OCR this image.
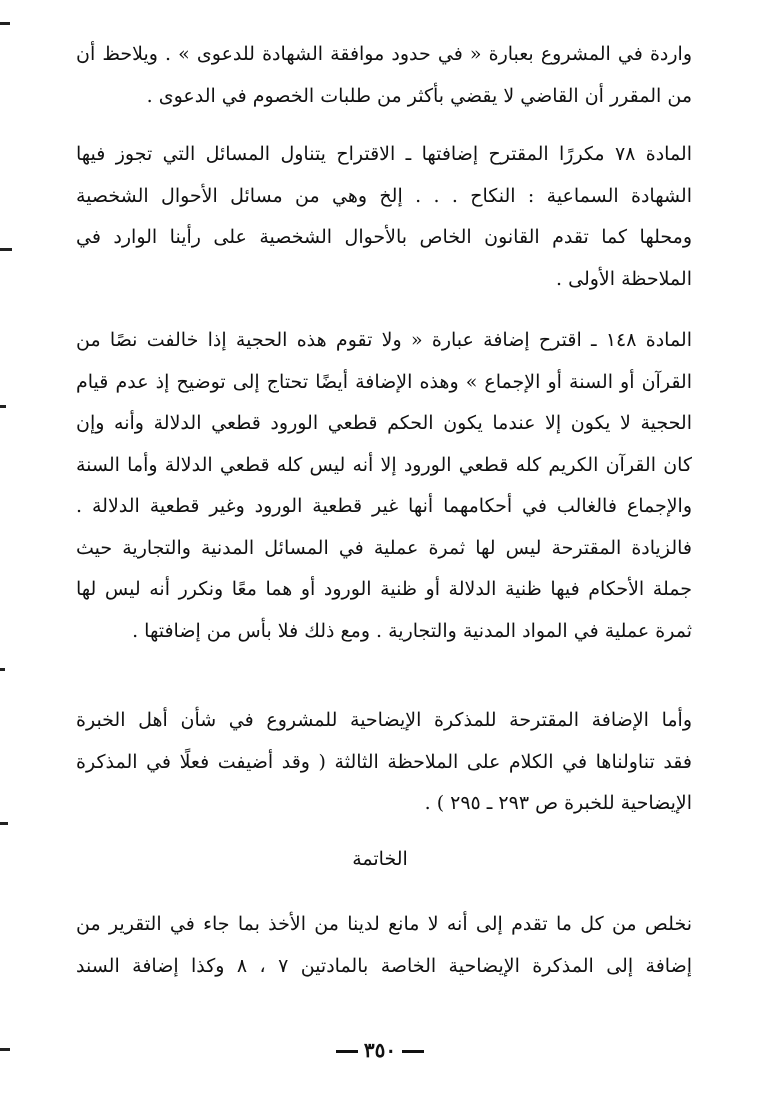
واردة في المشروع بعبارة « في حدود موافقة الشهادة للدعوى » . ويلاحظ أن
من المقرر أن القاضي لا يقضي بأكثر من طلبات الخصوم في الدعوى .
المادة ٧٨ مكررًا المقترح إضافتها ـ الاقتراح يتناول المسائل التي تجوز فيها
الشهادة السماعية : النكاح . . . إلخ وهي من مسائل الأحوال الشخصية
ومحلها كما تقدم القانون الخاص بالأحوال الشخصية على رأينا الوارد في
الملاحظة الأولى .
المادة ١٤٨ ـ اقترح إضافة عبارة « ولا تقوم هذه الحجية إذا خالفت نصًا من
القرآن أو السنة أو الإجماع » وهذه الإضافة أيضًا تحتاج إلى توضيح إذ عدم قيام
الحجية لا يكون إلا عندما يكون الحكم قطعي الورود قطعي الدلالة وأنه وإن
كان القرآن الكريم كله قطعي الورود إلا أنه ليس كله قطعي الدلالة وأما السنة
والإجماع فالغالب في أحكامهما أنها غير قطعية الورود وغير قطعية الدلالة .
فالزيادة المقترحة ليس لها ثمرة عملية في المسائل المدنية والتجارية حيث
جملة الأحكام فيها ظنية الدلالة أو ظنية الورود أو هما معًا ونكرر أنه ليس لها
ثمرة عملية في المواد المدنية والتجارية . ومع ذلك فلا بأس من إضافتها .
وأما الإضافة المقترحة للمذكرة الإيضاحية للمشروع في شأن أهل الخبرة
فقد تناولناها في الكلام على الملاحظة الثالثة ( وقد أضيفت فعلًا في المذكرة
الإيضاحية للخبرة ص ٢٩٣ ـ ٢٩٥ ) .
الخاتمة
نخلص من كل ما تقدم إلى أنه لا مانع لدينا من الأخذ بما جاء في التقرير من
إضافة إلى المذكرة الإيضاحية الخاصة بالمادتين ٧ ، ٨ وكذا إضافة السند
٣٥٠
